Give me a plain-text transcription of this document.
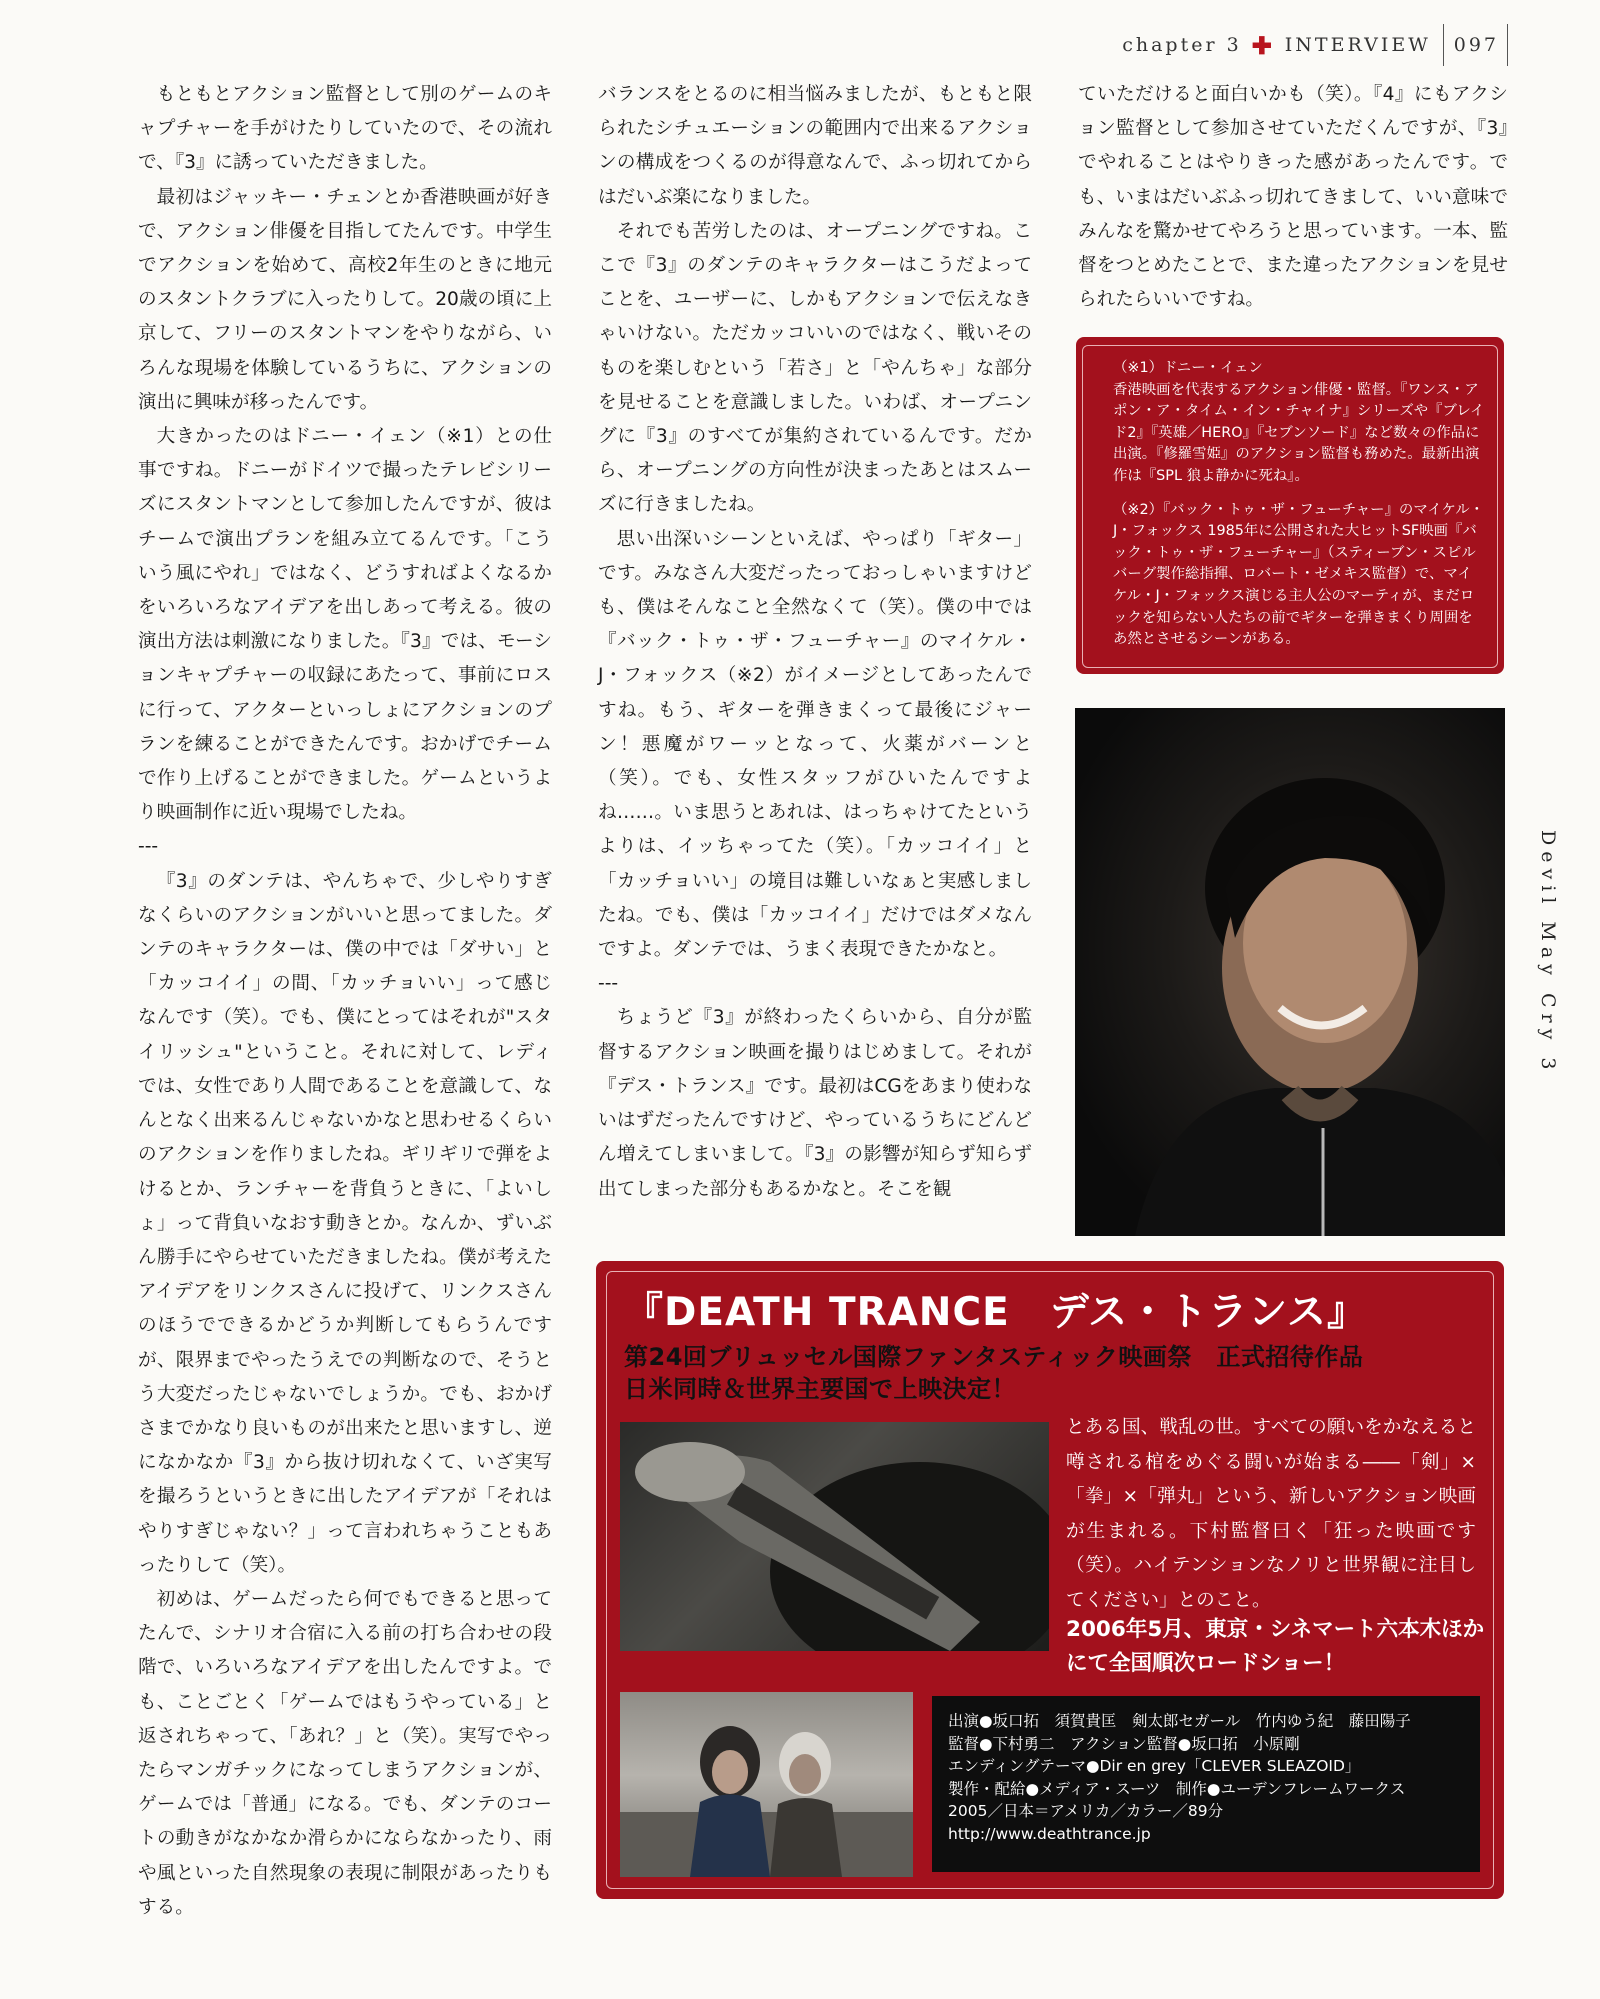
chapter 3 ✚ INTERVIEW 097

もともとアクション監督として別のゲームのキャプチャーを手がけたりしていたので、その流れで、『3』に誘っていただきました。

最初はジャッキー・チェンとか香港映画が好きで、アクション俳優を目指してたんです。中学生でアクションを始めて、高校2年生のときに地元のスタントクラブに入ったりして。20歳の頃に上京して、フリーのスタントマンをやりながら、いろんな現場を体験しているうちに、アクションの演出に興味が移ったんです。

大きかったのはドニー・イェン（※1）との仕事ですね。ドニーがドイツで撮ったテレビシリーズにスタントマンとして参加したんですが、彼はチームで演出プランを組み立てるんです。「こういう風にやれ」ではなく、どうすればよくなるかをいろいろなアイデアを出しあって考える。彼の演出方法は刺激になりました。『3』では、モーションキャプチャーの収録にあたって、事前にロスに行って、アクターといっしょにアクションのプランを練ることができたんです。おかげでチームで作り上げることができました。ゲームというより映画制作に近い現場でしたね。

---

『3』のダンテは、やんちゃで、少しやりすぎなくらいのアクションがいいと思ってました。ダンテのキャラクターは、僕の中では「ダサい」と「カッコイイ」の間、「カッチョいい」って感じなんです（笑）。でも、僕にとってはそれが"スタイリッシュ"ということ。それに対して、レディでは、女性であり人間であることを意識して、なんとなく出来るんじゃないかなと思わせるくらいのアクションを作りましたね。ギリギリで弾をよけるとか、ランチャーを背負うときに、「よいしょ」って背負いなおす動きとか。なんか、ずいぶん勝手にやらせていただきましたね。僕が考えたアイデアをリンクスさんに投げて、リンクスさんのほうでできるかどうか判断してもらうんですが、限界までやったうえでの判断なので、そうとう大変だったじゃないでしょうか。でも、おかげさまでかなり良いものが出来たと思いますし、逆になかなか『3』から抜け切れなくて、いざ実写を撮ろうというときに出したアイデアが「それはやりすぎじゃない？」って言われちゃうこともあったりして（笑）。

初めは、ゲームだったら何でもできると思ってたんで、シナリオ合宿に入る前の打ち合わせの段階で、いろいろなアイデアを出したんですよ。でも、ことごとく「ゲームではもうやっている」と返されちゃって、「あれ？」と（笑）。実写でやったらマンガチックになってしまうアクションが、ゲームでは「普通」になる。でも、ダンテのコートの動きがなかなか滑らかにならなかったり、雨や風といった自然現象の表現に制限があったりもする。

バランスをとるのに相当悩みましたが、もともと限られたシチュエーションの範囲内で出来るアクションの構成をつくるのが得意なんで、ふっ切れてからはだいぶ楽になりました。

それでも苦労したのは、オープニングですね。ここで『3』のダンテのキャラクターはこうだよってことを、ユーザーに、しかもアクションで伝えなきゃいけない。ただカッコいいのではなく、戦いそのものを楽しむという「若さ」と「やんちゃ」な部分を見せることを意識しました。いわば、オープニングに『3』のすべてが集約されているんです。だから、オープニングの方向性が決まったあとはスムーズに行きましたね。

思い出深いシーンといえば、やっぱり「ギター」です。みなさん大変だったっておっしゃいますけども、僕はそんなこと全然なくて（笑）。僕の中では『バック・トゥ・ザ・フューチャー』のマイケル・J・フォックス（※2）がイメージとしてあったんですね。もう、ギターを弾きまくって最後にジャーン！悪魔がワーッとなって、火薬がバーンと（笑）。でも、女性スタッフがひいたんですよね……。いま思うとあれは、はっちゃけてたというよりは、イッちゃってた（笑）。「カッコイイ」と「カッチョいい」の境目は難しいなぁと実感しましたね。でも、僕は「カッコイイ」だけではダメなんですよ。ダンテでは、うまく表現できたかなと。

---

ちょうど『3』が終わったくらいから、自分が監督するアクション映画を撮りはじめまして。それが『デス・トランス』です。最初はCGをあまり使わないはずだったんですけど、やっているうちにどんどん増えてしまいまして。『3』の影響が知らず知らず出てしまった部分もあるかなと。そこを観

ていただけると面白いかも（笑）。『4』にもアクション監督として参加させていただくんですが、『3』でやれることはやりきった感があったんです。でも、いまはだいぶふっ切れてきまして、いい意味でみんなを驚かせてやろうと思っています。一本、監督をつとめたことで、また違ったアクションを見せられたらいいですね。

（※1）ドニー・イェン
香港映画を代表するアクション俳優・監督。『ワンス・アポン・ア・タイム・イン・チャイナ』シリーズや『ブレイド2』『英雄／HERO』『セブンソード』など数々の作品に出演。『修羅雪姫』のアクション監督も務めた。最新出演作は『SPL 狼よ静かに死ね』。
（※2）『バック・トゥ・ザ・フューチャー』のマイケル・J・フォックス 1985年に公開された大ヒットSF映画『バック・トゥ・ザ・フューチャー』（スティーブン・スピルバーグ製作総指揮、ロバート・ゼメキス監督）で、マイケル・J・フォックス演じる主人公のマーティが、まだロックを知らない人たちの前でギターを弾きまくり周囲をあ然とさせるシーンがある。
Devil May Cry 3
『DEATH TRANCE　デス・トランス』
第24回ブリュッセル国際ファンタスティック映画祭　正式招待作品
日米同時＆世界主要国で上映決定！
とある国、戦乱の世。すべての願いをかなえると噂される棺をめぐる闘いが始まる――「剣」×「拳」×「弾丸」という、新しいアクション映画が生まれる。下村監督曰く「狂った映画です（笑）。ハイテンションなノリと世界観に注目してください」とのこと。
2006年5月、東京・シネマート六本木ほかにて全国順次ロードショー！
出演●坂口拓　須賀貴匡　剣太郎セガール　竹内ゆう紀　藤田陽子
監督●下村勇二　アクション監督●坂口拓　小原剛
エンディングテーマ●Dir en grey「CLEVER SLEAZOID」
製作・配給●メディア・スーツ　制作●ユーデンフレームワークス
2005／日本＝アメリカ／カラー／89分
http://www.deathtrance.jp
